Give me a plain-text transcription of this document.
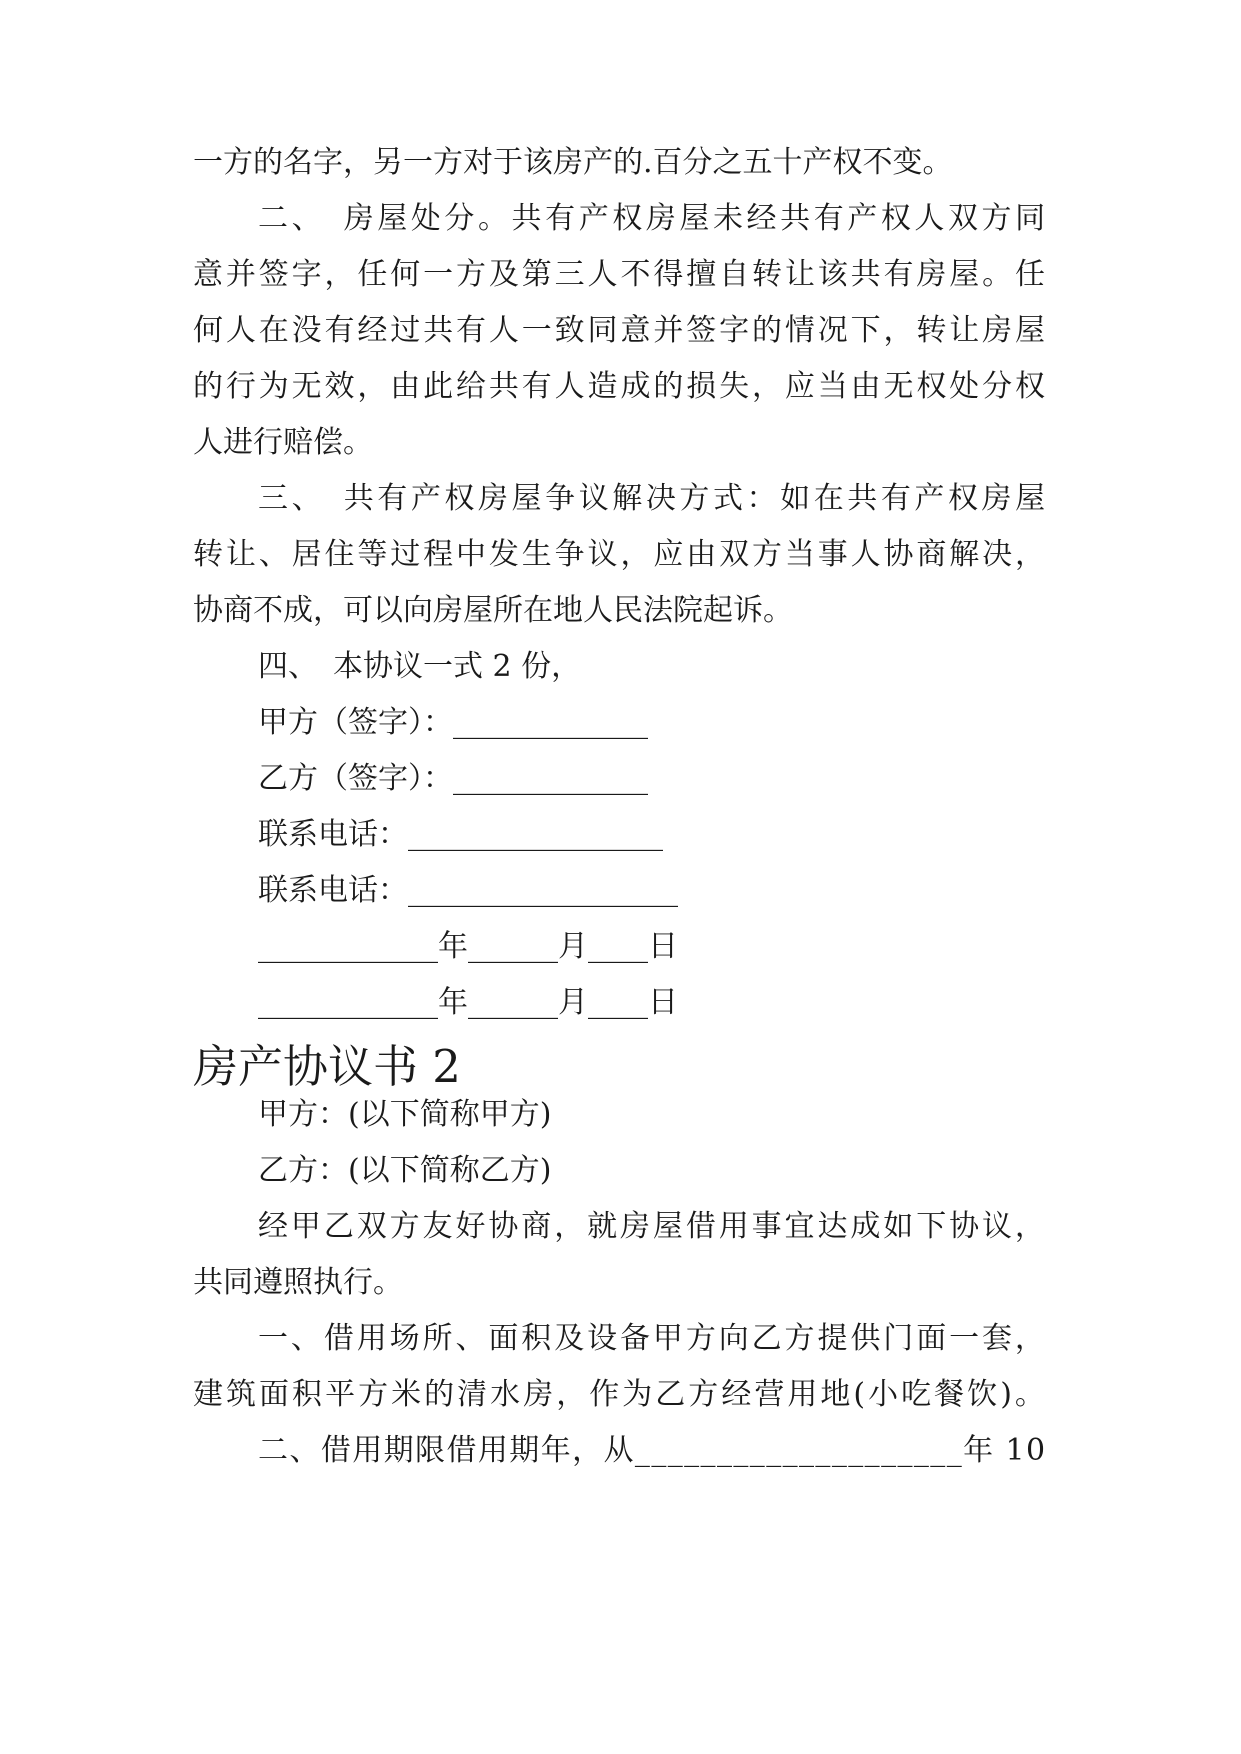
一方的名字，另一方对于该房产的.百分之五十产权不变。

二、　房屋处分。共有产权房屋未经共有产权人双方同

意并签字，任何一方及第三人不得擅自转让该共有房屋。任

何人在没有经过共有人一致同意并签字的情况下，转让房屋

的行为无效，由此给共有人造成的损失，应当由无权处分权

人进行赔偿。

三、　共有产权房屋争议解决方式：如在共有产权房屋

转让、居住等过程中发生争议，应由双方当事人协商解决，

协商不成，可以向房屋所在地人民法院起诉。

四、　本协议一式 2 份，

甲方（签字）：_____________

乙方（签字）：_____________

联系电话：_________________

联系电话：__________________

____________年______月____日

____________年______月____日

房产协议书 2

甲方：(以下简称甲方)

乙方：(以下简称乙方)

经甲乙双方友好协商，就房屋借用事宜达成如下协议，

共同遵照执行。

一、借用场所、面积及设备甲方向乙方提供门面一套，

建筑面积平方米的清水房，作为乙方经营用地(小吃餐饮)。

二、借用期限借用期年，从____________________年 10
